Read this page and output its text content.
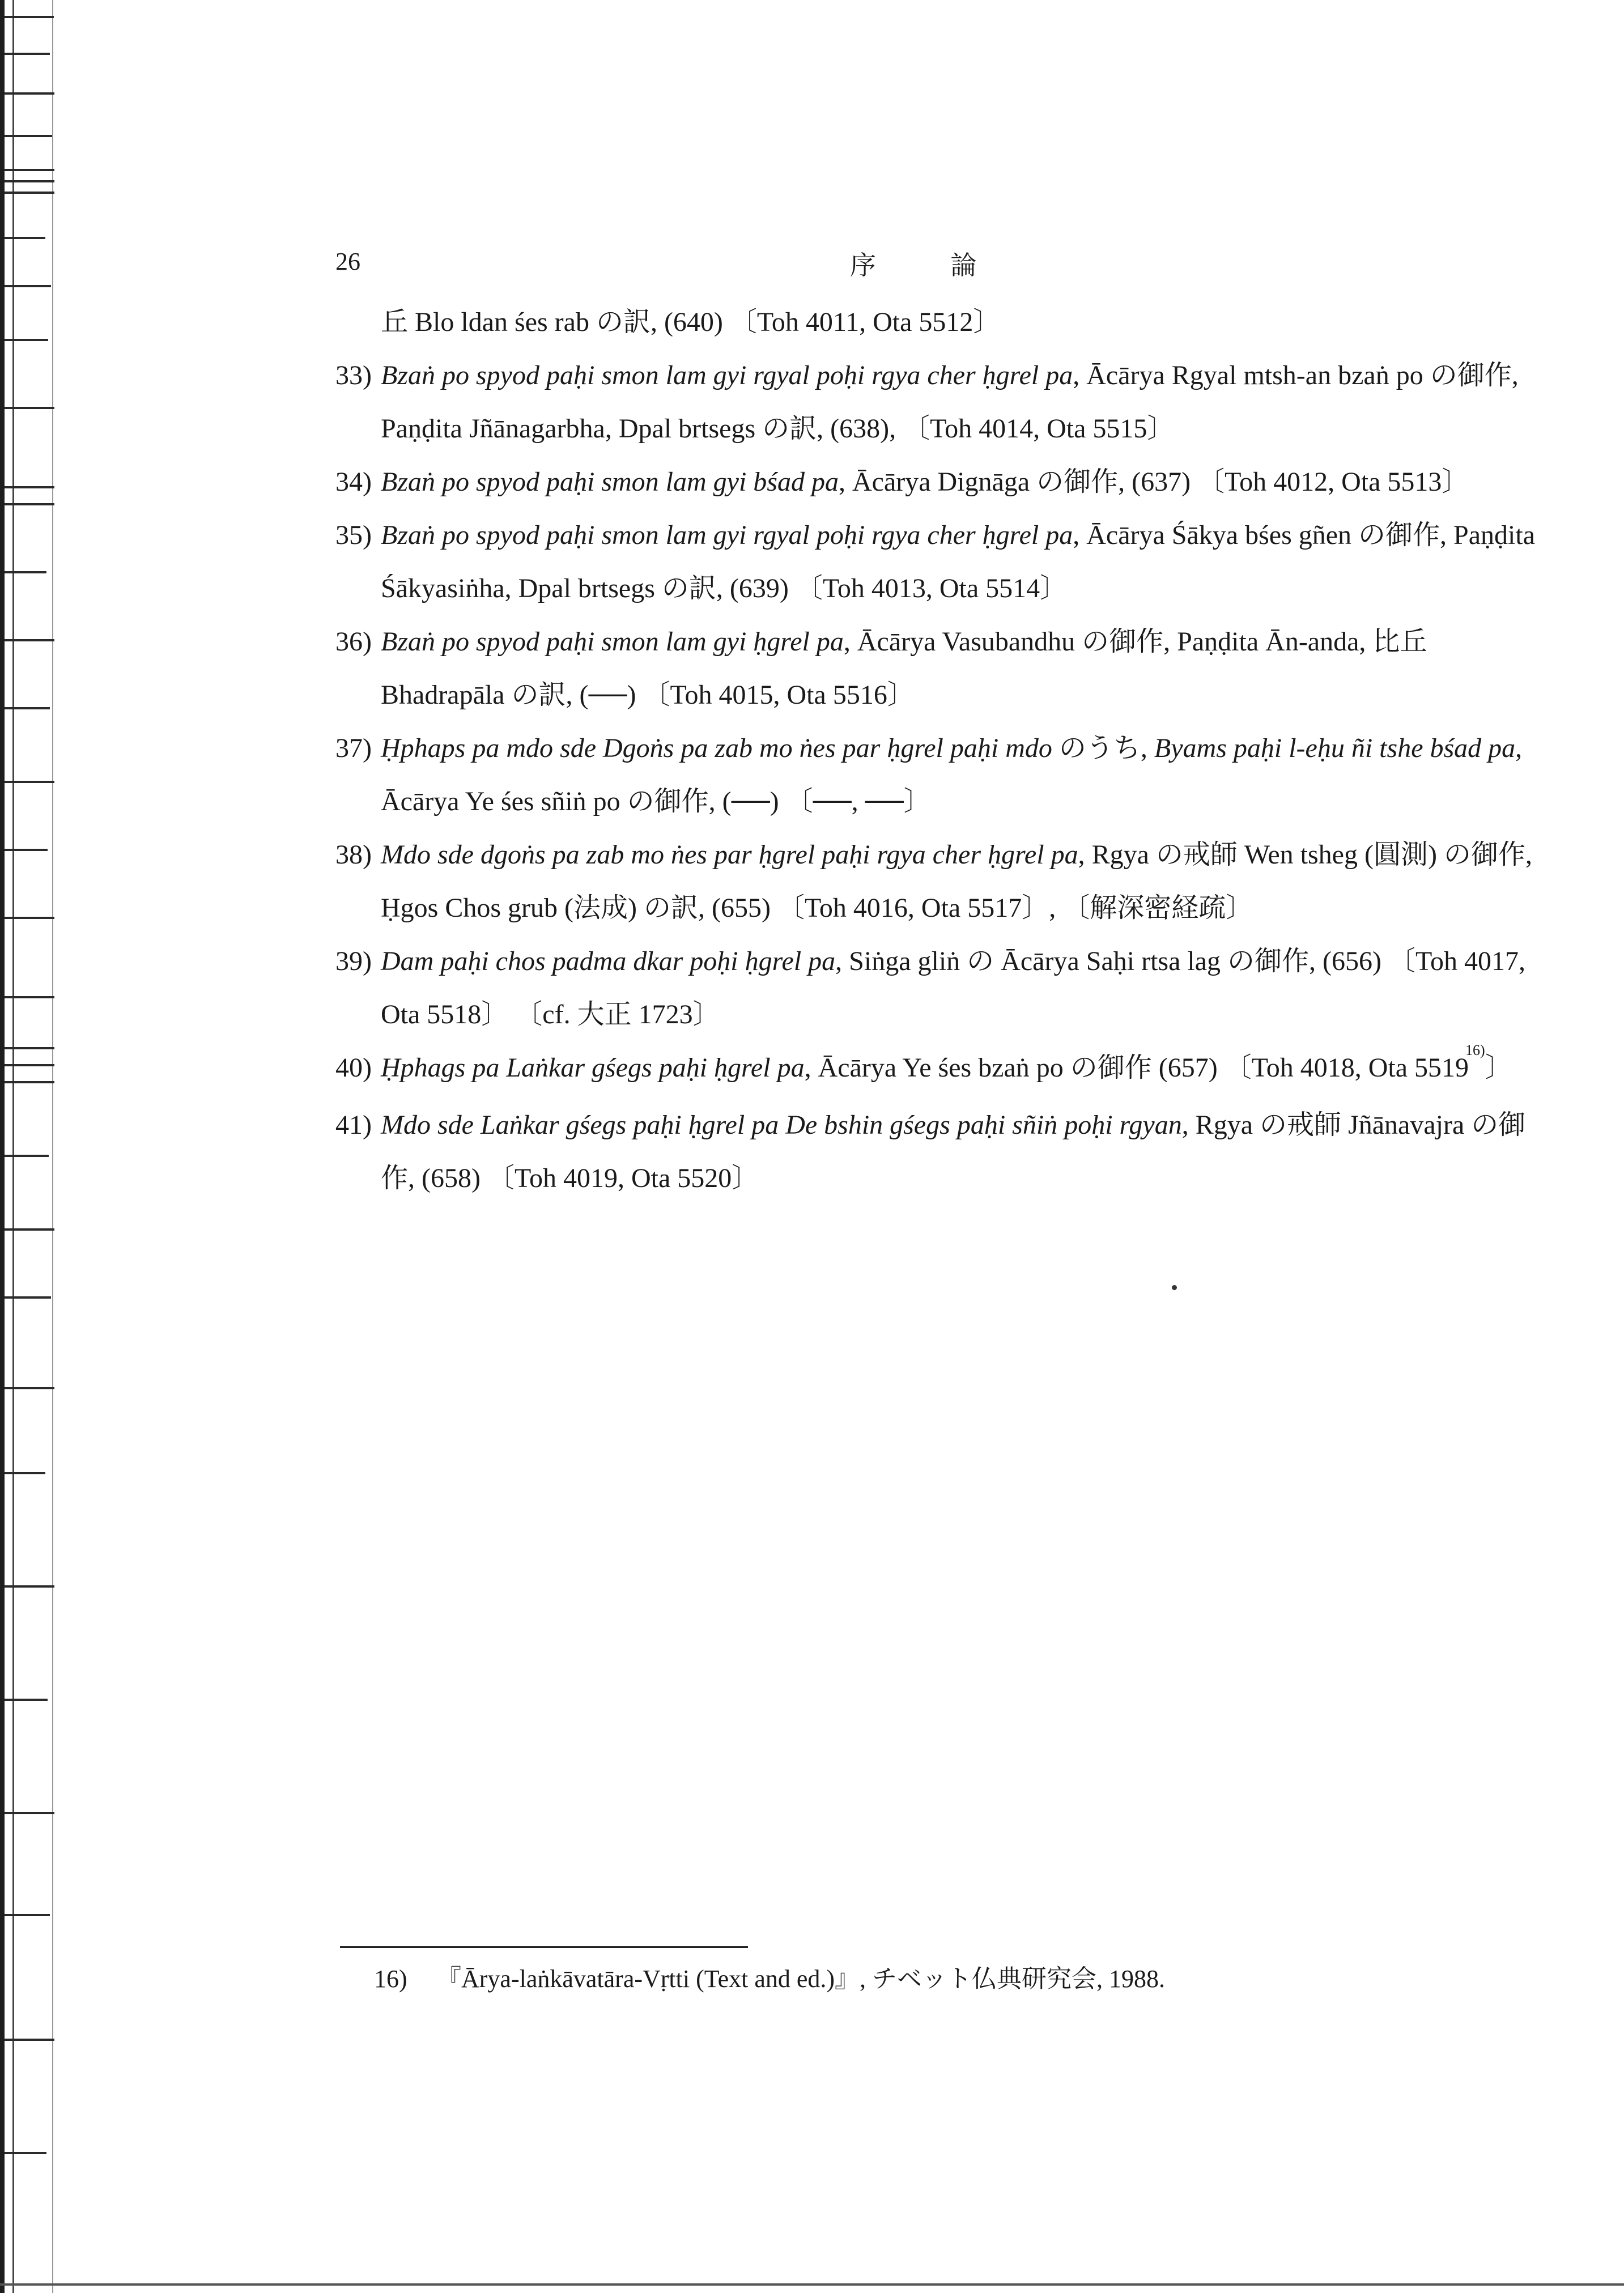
26	序 論

丘 Blo ldan śes rab の訳, (640) 〔Toh 4011, Ota 5512〕

33) Bzaṅ po spyod paḥi smon lam gyi rgyal poḥi rgya cher ḥgrel pa, Ācārya Rgyal mtsh-an bzaṅ po の御作, Paṇḍita Jñānagarbha, Dpal brtsegs の訳, (638), 〔Toh 4014, Ota 5515〕

34) Bzaṅ po spyod paḥi smon lam gyi bśad pa, Ācārya Dignāga の御作, (637) 〔Toh 4012, Ota 5513〕

35) Bzaṅ po spyod paḥi smon lam gyi rgyal poḥi rgya cher ḥgrel pa, Ācārya Śākya bśes gñen の御作, Paṇḍita Śākyasiṅha, Dpal brtsegs の訳, (639) 〔Toh 4013, Ota 5514〕

36) Bzaṅ po spyod paḥi smon lam gyi ḥgrel pa, Ācārya Vasubandhu の御作, Paṇḍita Ān-anda, 比丘 Bhadrapāla の訳, (──) 〔Toh 4015, Ota 5516〕

37) Ḥphaps pa mdo sde Dgoṅs pa zab mo ṅes par ḥgrel paḥi mdo のうち, Byams paḥi l-eḥu ñi tshe bśad pa, Ācārya Ye śes sñiṅ po の御作, (──) 〔──, ──〕

38) Mdo sde dgoṅs pa zab mo ṅes par ḥgrel paḥi rgya cher ḥgrel pa, Rgya の戒師 Wen tsheg (圓測) の御作, Ḥgos Chos grub (法成) の訳, (655) 〔Toh 4016, Ota 5517〕, 〔解深密経疏〕

39) Dam paḥi chos padma dkar poḥi ḥgrel pa, Siṅga gliṅ の Ācārya Saḥi rtsa lag の御作, (656) 〔Toh 4017, Ota 5518〕 〔cf. 大正 1723〕

40) Ḥphags pa Laṅkar gśegs paḥi ḥgrel pa, Ācārya Ye śes bzaṅ po の御作 (657) 〔Toh 4018, Ota 5519$^{16)}$〕

41) Mdo sde Laṅkar gśegs paḥi ḥgrel pa De bshin gśegs paḥi sñiṅ poḥi rgyan, Rgya の戒師 Jñānavajra の御作, (658) 〔Toh 4019, Ota 5520〕

16) 『Ārya-laṅkāvatāra-Vṛtti (Text and ed.)』, チベット仏典研究会, 1988.
